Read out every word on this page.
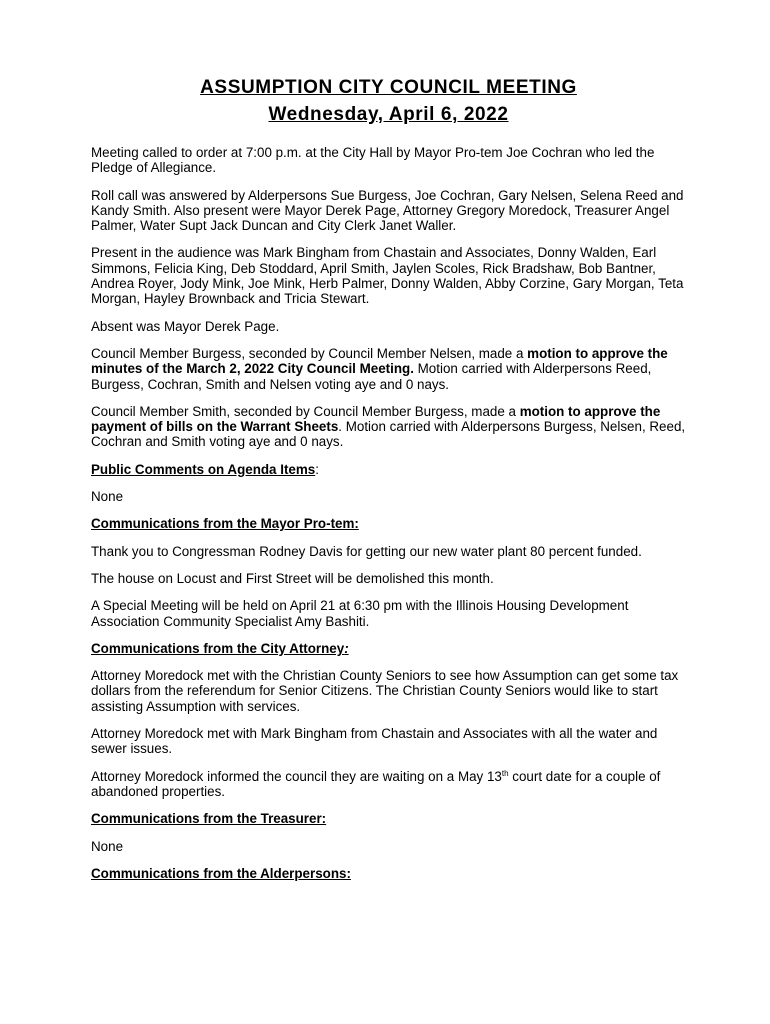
ASSUMPTION CITY COUNCIL MEETING

Wednesday, April 6, 2022

Meeting called to order at 7:00 p.m. at the City Hall by Mayor Pro-tem Joe Cochran who led the Pledge of Allegiance.

Roll call was answered by Alderpersons Sue Burgess, Joe Cochran, Gary Nelsen, Selena Reed and Kandy Smith. Also present were Mayor Derek Page, Attorney Gregory Moredock, Treasurer Angel Palmer, Water Supt Jack Duncan and City Clerk Janet Waller.

Present in the audience was Mark Bingham from Chastain and Associates, Donny Walden, Earl Simmons, Felicia King, Deb Stoddard, April Smith, Jaylen Scoles, Rick Bradshaw, Bob Bantner, Andrea Royer, Jody Mink, Joe Mink, Herb Palmer, Donny Walden, Abby Corzine, Gary Morgan, Teta Morgan, Hayley Brownback and Tricia Stewart.

Absent was Mayor Derek Page.

Council Member Burgess, seconded by Council Member Nelsen, made a motion to approve the minutes of the March 2, 2022 City Council Meeting. Motion carried with Alderpersons Reed, Burgess, Cochran, Smith and Nelsen voting aye and 0 nays.

Council Member Smith, seconded by Council Member Burgess, made a motion to approve the payment of bills on the Warrant Sheets. Motion carried with Alderpersons Burgess, Nelsen, Reed, Cochran and Smith voting aye and 0 nays.

Public Comments on Agenda Items:

None

Communications from the Mayor Pro-tem:

Thank you to Congressman Rodney Davis for getting our new water plant 80 percent funded.

The house on Locust and First Street will be demolished this month.

A Special Meeting will be held on April 21 at 6:30 pm with the Illinois Housing Development Association Community Specialist Amy Bashiti.

Communications from the City Attorney:

Attorney Moredock met with the Christian County Seniors to see how Assumption can get some tax dollars from the referendum for Senior Citizens. The Christian County Seniors would like to start assisting Assumption with services.

Attorney Moredock met with Mark Bingham from Chastain and Associates with all the water and sewer issues.

Attorney Moredock informed the council they are waiting on a May 13th court date for a couple of abandoned properties.

Communications from the Treasurer:

None

Communications from the Alderpersons:
